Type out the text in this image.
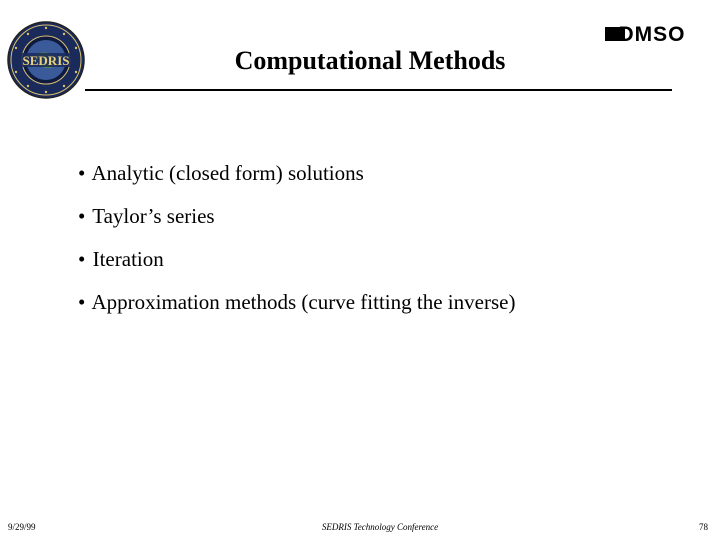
SEDRIS
DMSO
Computational Methods
• Analytic (closed form) solutions
• Taylor’s series
• Iteration
• Approximation methods (curve fitting the inverse)
9/29/99	SEDRIS Technology Conference	78
